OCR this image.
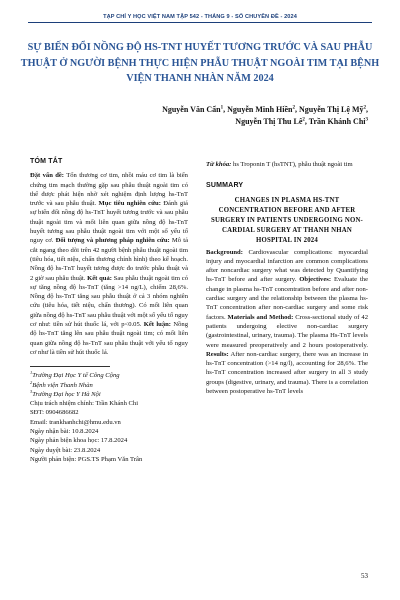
TẠP CHÍ Y HỌC VIỆT NAM TẬP 542 - THÁNG 9 - SỐ CHUYÊN ĐỀ - 2024
SỰ BIẾN ĐỔI NỒNG ĐỘ HS-TNT HUYẾT TƯƠNG TRƯỚC VÀ SAU PHẪU THUẬT Ở NGƯỜI BỆNH THỰC HIỆN PHẪU THUẬT NGOÀI TIM TẠI BỆNH VIỆN THANH NHÀN NĂM 2024
Nguyễn Văn Cẩn$^1$, Nguyễn Minh Hiền$^2$, Nguyễn Thị Lệ Mỹ$^2$,
Nguyễn Thị Thu $Lê^2$, Trần Khánh Chi$^3$
TÓM TẮT

Đặt vấn đề: Tổn thương cơ tim, nhồi máu cơ tim là biến chứng tim mạch thường gặp sau phẫu thuật ngoài tim có thể được phát hiện nhờ xét nghiệm định lượng hs-TnT trước và sau phẫu thuật. Mục tiêu nghiên cứu: Đánh giá sự biến đổi nồng độ hs-TnT huyết tương trước và sau phẫu thuật ngoài tim và mối liên quan giữa nồng độ hs-TnT huyết tương sau phẫu thuật ngoài tim với một số yếu tố nguy cơ. Đối tượng và phương pháp nghiên cứu: Mô tả cắt ngang theo dõi trên 42 người bệnh phẫu thuật ngoài tim (tiêu hóa, tiết niệu, chấn thương chỉnh hình) theo kế hoạch. Nồng độ hs-TnT huyết tương được đo trước phẫu thuật và 2 giờ sau phẫu thuật. Kết quả: Sau phẫu thuật ngoài tim có sự tăng nồng độ hs-TnT (tăng >14 ng/L), chiếm 28,6%. Nồng độ hs-TnT tăng sau phẫu thuật ở cả 3 nhóm nghiên cứu (tiêu hóa, tiết niệu, chấn thương). Có mối liên quan giữa nồng độ hs-TnT sau phẫu thuật với một số yếu tố nguy cơ như: tiền sử hút thuốc lá, với p<0.05. Kết luận: Nồng độ hs-TnT tăng lên sau phẫu thuật ngoài tim; có mối liên quan giữa nồng độ hs-TnT sau phẫu thuật với yếu tố nguy cơ như là tiền sử hút thuốc lá.

$^1$Trường Đại Học Y tế Công Cộng

$^2$Bệnh viện Thanh Nhàn

$^3$Trường Đại học Y Hà Nội

Chịu trách nhiệm chính: Trần Khánh Chi

SĐT: 0904686682

Email: trankhanhchi@hmu.edu.vn

Ngày nhận bài: 10.8.2024

Ngày phản biện khoa học: 17.8.2024

Ngày duyệt bài: 23.8.2024

Người phản biện: PGS.TS Phạm Văn Trân

Từ khóa: hs Troponin T (hsTNT), phẫu thuật ngoài tim

SUMMARY
CHANGES IN PLASMA HS-TNT CONCENTRATION BEFORE AND AFTER SURGERY IN PATIENTS UNDERGOING NON-CARDIAL SURGERY AT THANH NHAN HOSPITAL IN 2024

Background: Cardiovascular complications: myocardial injury and myocardial infarction are common complications after noncardiac surgery what was detected by Quantifying hs-TnT before and after surgery. Objectives: Evaluate the change in plasma hs-TnT concentration before and after non-cardiac surgery and the relationship between the plasma hs-TnT concentration after non-cardiac surgery and some risk factors. Materials and Method: Cross-sectional study of 42 patients undergoing elective non-cardiac surgery (gastrointestinal, urinary, trauma). The plasma Hs-TnT levels were measured preoperatively and 2 hours postoperatively. Results: After non-cardiac surgery, there was an increase in hs-TnT concentration (>14 ng/l), accounting for 28,6%. The hs-TnT concentration increased after surgery in all 3 study groups (digestive, urinary, and trauma). There is a correlation between postoperative hs-TnT levels

53
